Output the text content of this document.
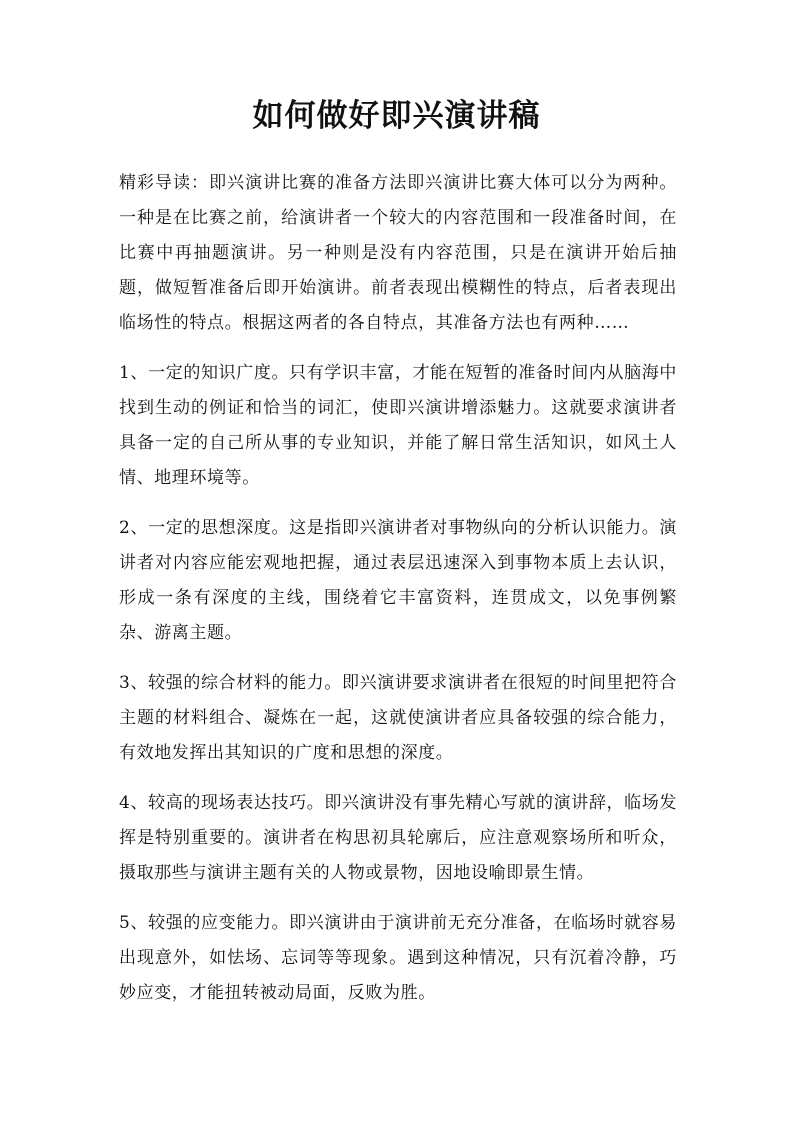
如何做好即兴演讲稿

精彩导读：即兴演讲比赛的准备方法即兴演讲比赛大体可以分为两种。一种是在比赛之前，给演讲者一个较大的内容范围和一段准备时间，在比赛中再抽题演讲。另一种则是没有内容范围，只是在演讲开始后抽题，做短暂准备后即开始演讲。前者表现出模糊性的特点，后者表现出临场性的特点。根据这两者的各自特点，其准备方法也有两种……

1、一定的知识广度。只有学识丰富，才能在短暂的准备时间内从脑海中找到生动的例证和恰当的词汇，使即兴演讲增添魅力。这就要求演讲者具备一定的自己所从事的专业知识，并能了解日常生活知识，如风土人情、地理环境等。

2、一定的思想深度。这是指即兴演讲者对事物纵向的分析认识能力。演讲者对内容应能宏观地把握，通过表层迅速深入到事物本质上去认识，形成一条有深度的主线，围绕着它丰富资料，连贯成文，以免事例繁杂、游离主题。

3、较强的综合材料的能力。即兴演讲要求演讲者在很短的时间里把符合主题的材料组合、凝炼在一起，这就使演讲者应具备较强的综合能力，有效地发挥出其知识的广度和思想的深度。

4、较高的现场表达技巧。即兴演讲没有事先精心写就的演讲辞，临场发挥是特别重要的。演讲者在构思初具轮廓后，应注意观察场所和听众，摄取那些与演讲主题有关的人物或景物，因地设喻即景生情。

5、较强的应变能力。即兴演讲由于演讲前无充分准备，在临场时就容易出现意外，如怯场、忘词等等现象。遇到这种情况，只有沉着冷静，巧妙应变，才能扭转被动局面，反败为胜。
